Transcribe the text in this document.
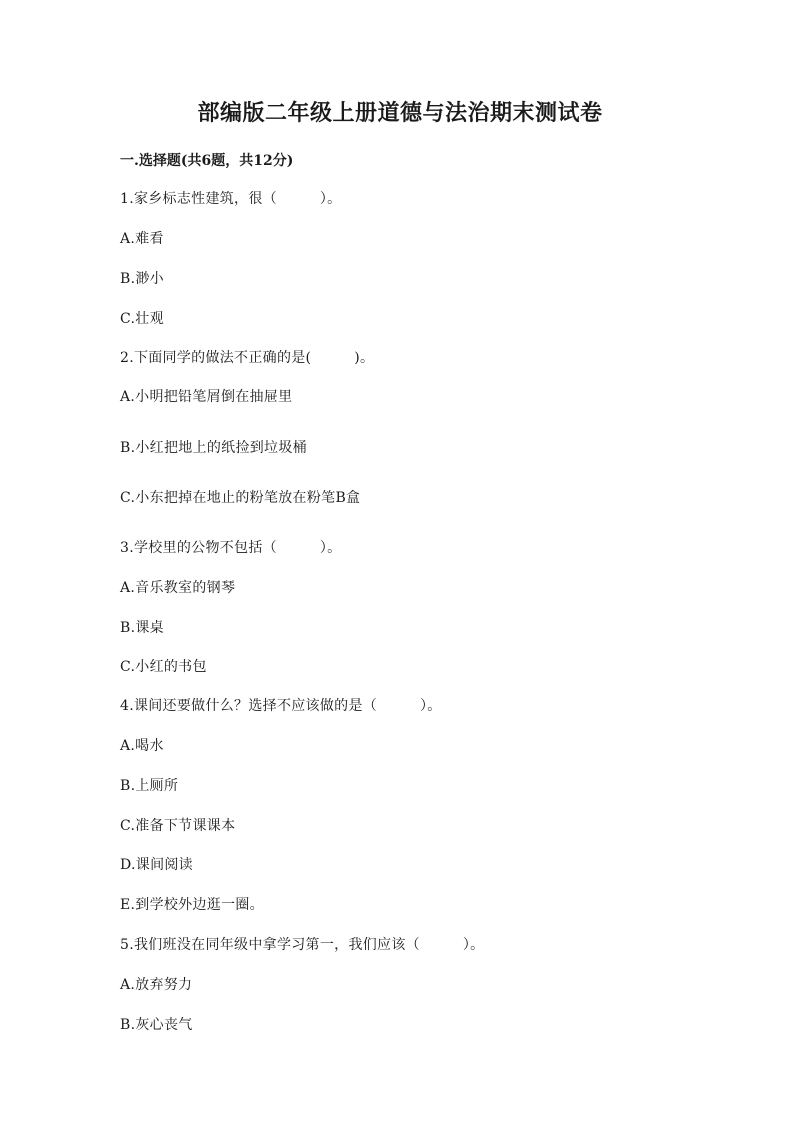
部编版二年级上册道德与法治期末测试卷
一.选择题(共6题，共12分)
1.家乡标志性建筑，很（　　　）。
A.难看
B.渺小
C.壮观
2.下面同学的做法不正确的是(　　　)。
A.小明把铅笔屑倒在抽屉里
B.小红把地上的纸捡到垃圾桶
C.小东把掉在地止的粉笔放在粉笔B盒
3.学校里的公物不包括（　　　）。
A.音乐教室的钢琴
B.课桌
C.小红的书包
4.课间还要做什么？选择不应该做的是（　　　）。
A.喝水
B.上厕所
C.准备下节课课本
D.课间阅读
E.到学校外边逛一圈。
5.我们班没在同年级中拿学习第一，我们应该（　　　）。
A.放弃努力
B.灰心丧气
